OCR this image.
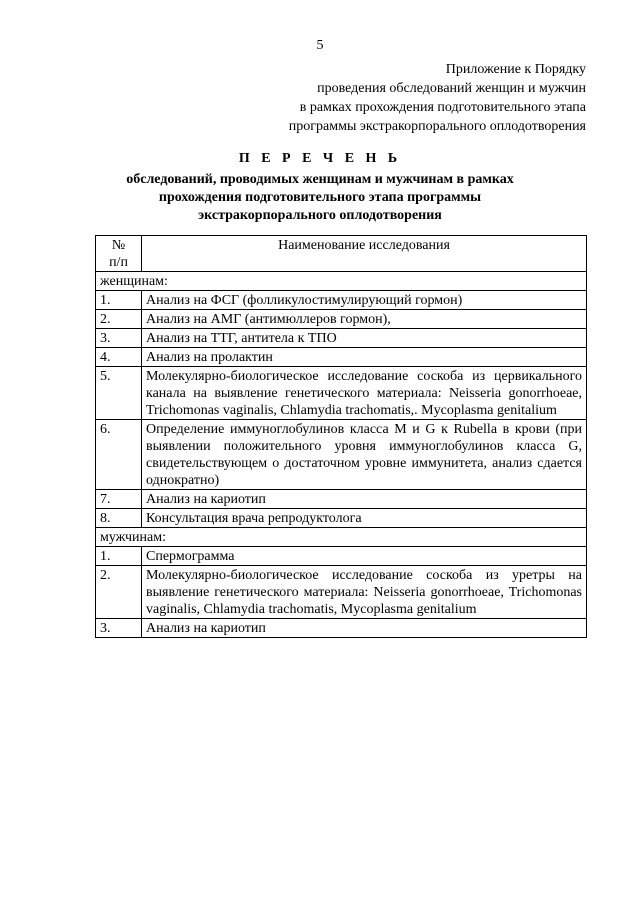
5
Приложение к Порядку
проведения обследований женщин и мужчин
в рамках прохождения подготовительного этапа
программы экстракорпорального оплодотворения
П Е Р Е Ч Е Н Ь
обследований, проводимых женщинам и мужчинам в рамках
прохождения подготовительного этапа программы
экстракорпорального оплодотворения
№
п/п	Наименование исследования
женщинам:	
1.	Анализ на ФСГ (фолликулостимулирующий гормон)
2.	Анализ на АМГ (антимюллеров гормон),
3.	Анализ на ТТГ, антитела к ТПО
4.	Анализ на пролактин
5.	Молекулярно-биологическое исследование соскоба из цервикального канала на выявление генетического материала: Neisseria gonorrhoeae, Trichomonas vaginalis, Chlamydia trachomatis,. Mycoplasma genitalium
6.	Определение иммуноглобулинов класса M и G к Rubella в крови (при выявлении положительного уровня иммуноглобулинов класса G, свидетельствующем о достаточном уровне иммунитета, анализ сдается однократно)
7.	Анализ на кариотип
8.	Консультация врача репродуктолога
мужчинам:	
1.	Спермограмма
2.	Молекулярно-биологическое исследование соскоба из уретры на выявление генетического материала: Neisseria gonorrhoeae, Trichomonas vaginalis, Chlamydia trachomatis, Mycoplasma genitalium
3.	Анализ на кариотип
